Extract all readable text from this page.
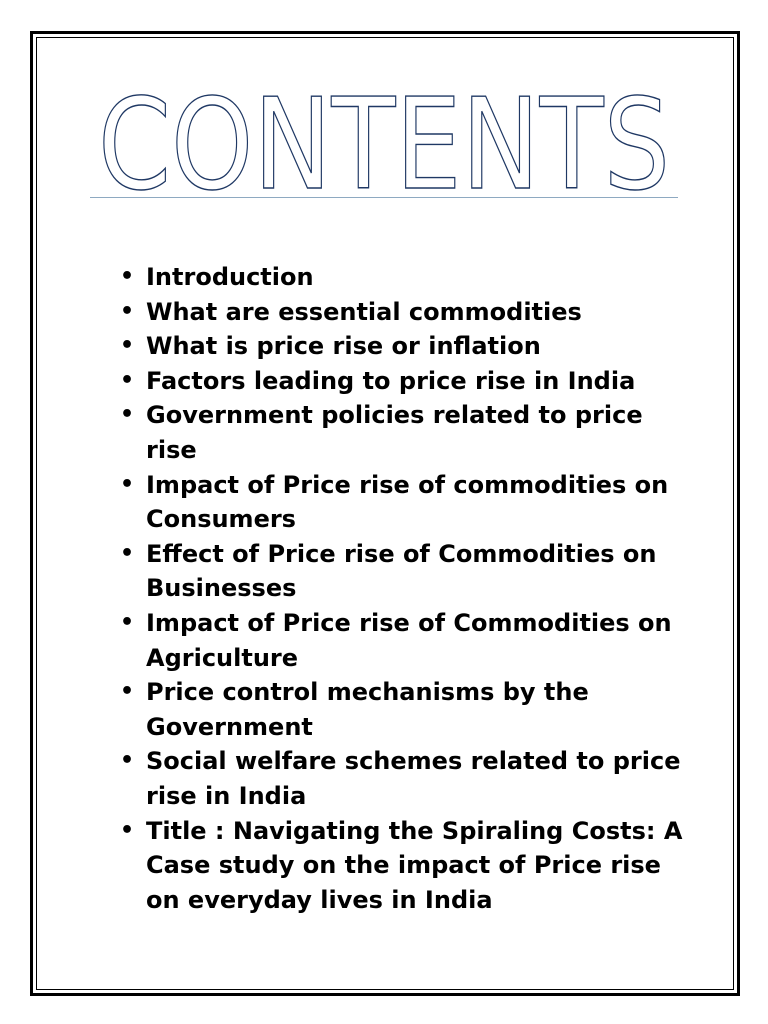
CONTENTS
• Introduction
• What are essential commodities
• What is price rise or inflation
• Factors leading to price rise in India
• Government policies related to price rise
• Impact of Price rise of commodities on Consumers
• Effect of Price rise of Commodities on Businesses
• Impact of Price rise of Commodities on Agriculture
• Price control mechanisms by the Government
• Social welfare schemes related to price rise in India
• Title : Navigating the Spiraling Costs: A Case study on the impact of Price rise on everyday lives in India
